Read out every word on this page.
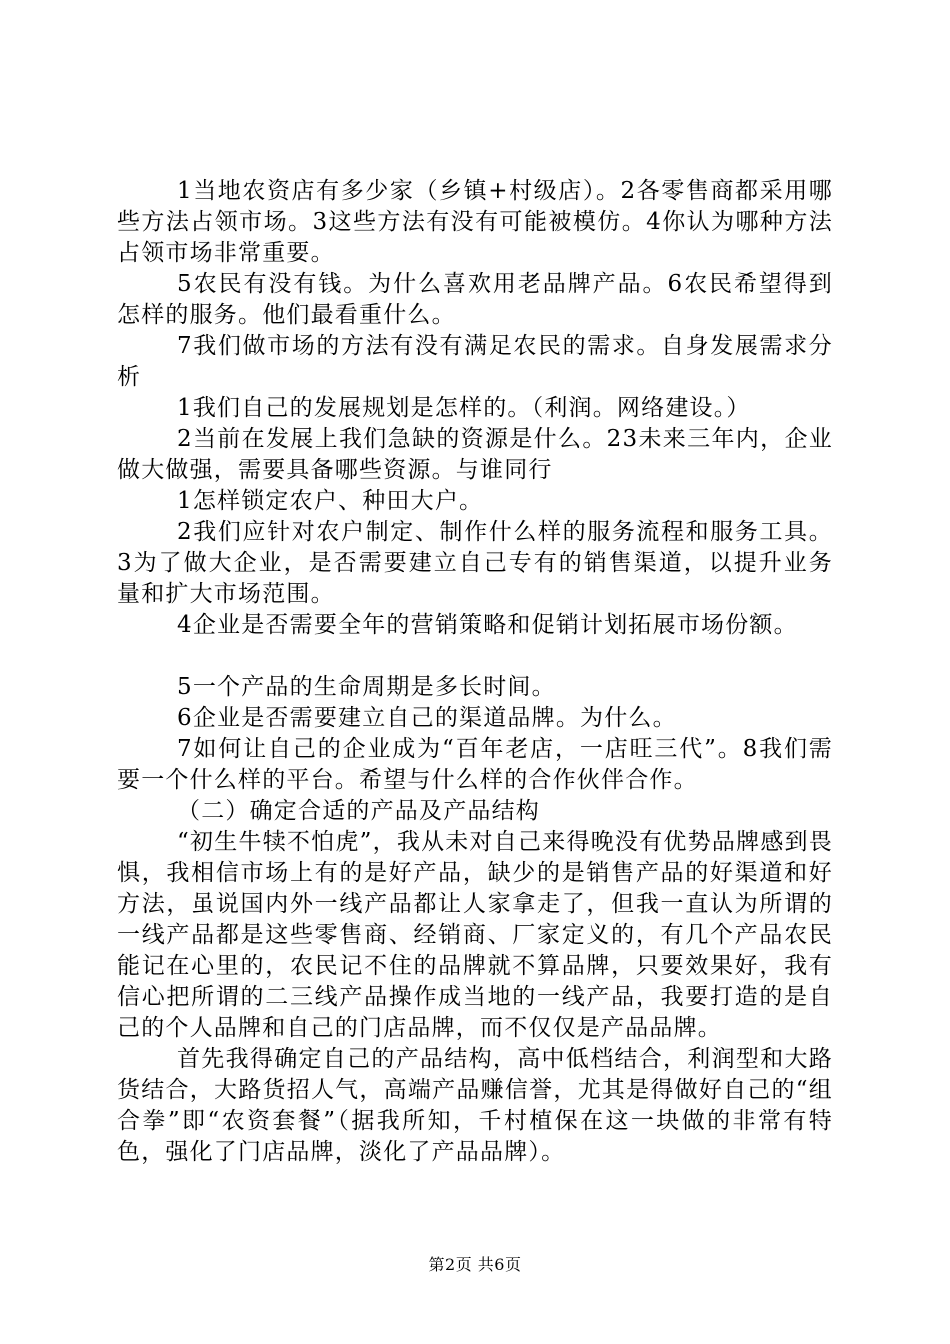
1当地农资店有多少家（乡镇+村级店）。2各零售商都采用哪些方法占领市场。3这些方法有没有可能被模仿。4你认为哪种方法占领市场非常重要。

5农民有没有钱。为什么喜欢用老品牌产品。6农民希望得到怎样的服务。他们最看重什么。

7我们做市场的方法有没有满足农民的需求。自身发展需求分析

1我们自己的发展规划是怎样的。（利润。网络建设。）

2当前在发展上我们急缺的资源是什么。23未来三年内，企业做大做强，需要具备哪些资源。与谁同行

1怎样锁定农户、种田大户。

2我们应针对农户制定、制作什么样的服务流程和服务工具。3为了做大企业，是否需要建立自己专有的销售渠道，以提升业务量和扩大市场范围。

4企业是否需要全年的营销策略和促销计划拓展市场份额。

5一个产品的生命周期是多长时间。

6企业是否需要建立自己的渠道品牌。为什么。

7如何让自己的企业成为“百年老店，一店旺三代”。8我们需要一个什么样的平台。希望与什么样的合作伙伴合作。

（二）确定合适的产品及产品结构

“初生牛犊不怕虎”，我从未对自己来得晚没有优势品牌感到畏惧，我相信市场上有的是好产品，缺少的是销售产品的好渠道和好方法，虽说国内外一线产品都让人家拿走了，但我一直认为所谓的一线产品都是这些零售商、经销商、厂家定义的，有几个产品农民能记在心里的，农民记不住的品牌就不算品牌，只要效果好，我有信心把所谓的二三线产品操作成当地的一线产品，我要打造的是自己的个人品牌和自己的门店品牌，而不仅仅是产品品牌。

首先我得确定自己的产品结构，高中低档结合，利润型和大路货结合，大路货招人气，高端产品赚信誉，尤其是得做好自己的“组合拳”即“农资套餐”（据我所知，千村植保在这一块做的非常有特色，强化了门店品牌，淡化了产品品牌）。

第2页 共6页
